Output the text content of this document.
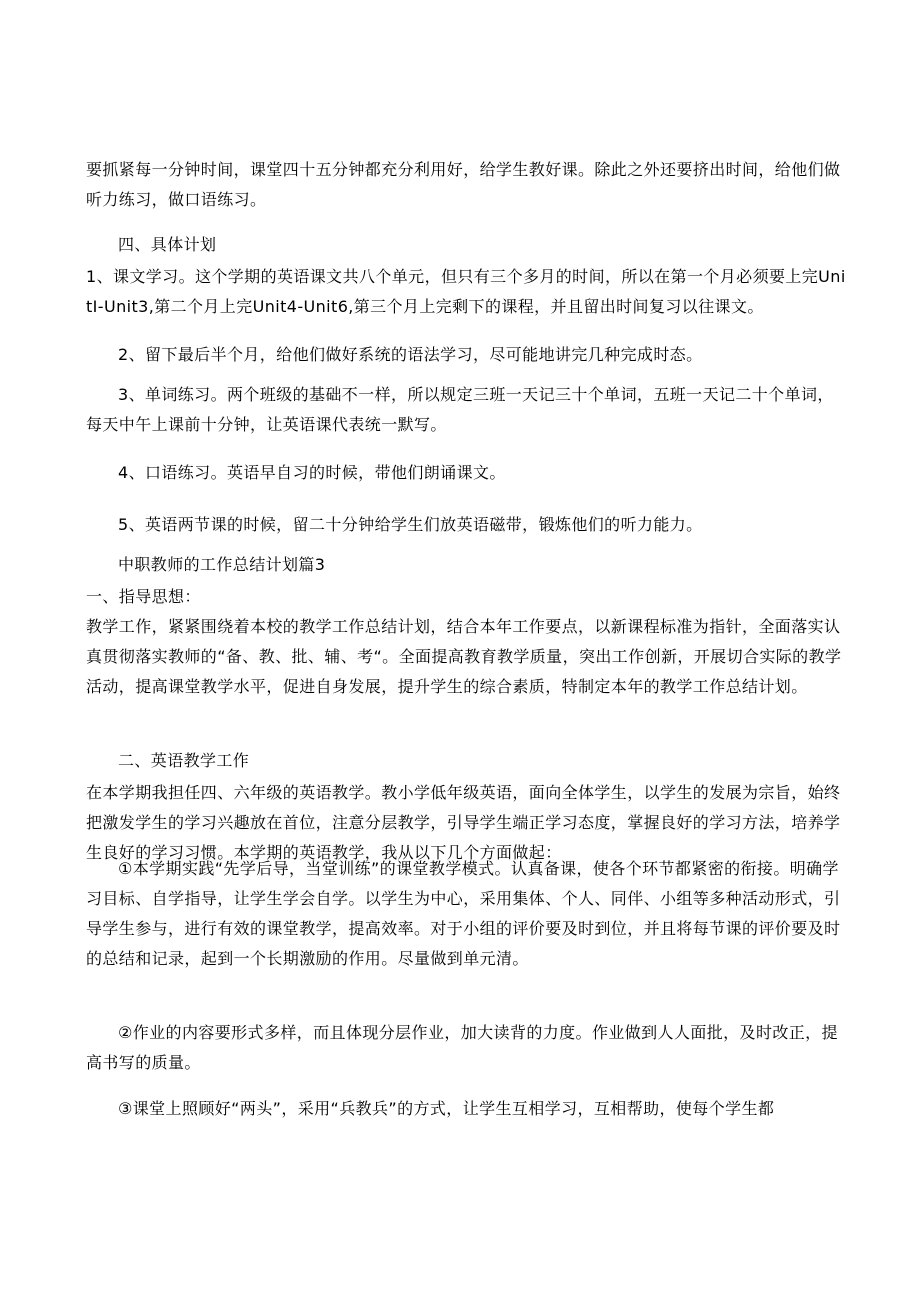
要抓紧每一分钟时间，课堂四十五分钟都充分利用好，给学生教好课。除此之外还要挤出时间，给他们做听力练习，做口语练习。

四、具体计划

1、课文学习。这个学期的英语课文共八个单元，但只有三个多月的时间，所以在第一个月必须要上完UnitI-Unit3,第二个月上完Unit4-Unit6,第三个月上完剩下的课程，并且留出时间复习以往课文。

2、留下最后半个月，给他们做好系统的语法学习，尽可能地讲完几种完成时态。

3、单词练习。两个班级的基础不一样，所以规定三班一天记三十个单词，五班一天记二十个单词，每天中午上课前十分钟，让英语课代表统一默写。

4、口语练习。英语早自习的时候，带他们朗诵课文。

5、英语两节课的时候，留二十分钟给学生们放英语磁带，锻炼他们的听力能力。

中职教师的工作总结计划篇3

一、指导思想：

教学工作，紧紧围绕着本校的教学工作总结计划，结合本年工作要点，以新课程标准为指针，全面落实认真贯彻落实教师的“备、教、批、辅、考“。全面提高教育教学质量，突出工作创新，开展切合实际的教学活动，提高课堂教学水平，促进自身发展，提升学生的综合素质，特制定本年的教学工作总结计划。

二、英语教学工作

在本学期我担任四、六年级的英语教学。教小学低年级英语，面向全体学生，以学生的发展为宗旨，始终把激发学生的学习兴趣放在首位，注意分层教学，引导学生端正学习态度，掌握良好的学习方法，培养学生良好的学习习惯。本学期的英语教学，我从以下几个方面做起：

①本学期实践“先学后导，当堂训练”的课堂教学模式。认真备课，使各个环节都紧密的衔接。明确学习目标、自学指导，让学生学会自学。以学生为中心，采用集体、个人、同伴、小组等多种活动形式，引导学生参与，进行有效的课堂教学，提高效率。对于小组的评价要及时到位，并且将每节课的评价要及时的总结和记录，起到一个长期激励的作用。尽量做到单元清。

②作业的内容要形式多样，而且体现分层作业，加大读背的力度。作业做到人人面批，及时改正，提高书写的质量。

③课堂上照顾好“两头”，采用“兵教兵”的方式，让学生互相学习，互相帮助，使每个学生都
